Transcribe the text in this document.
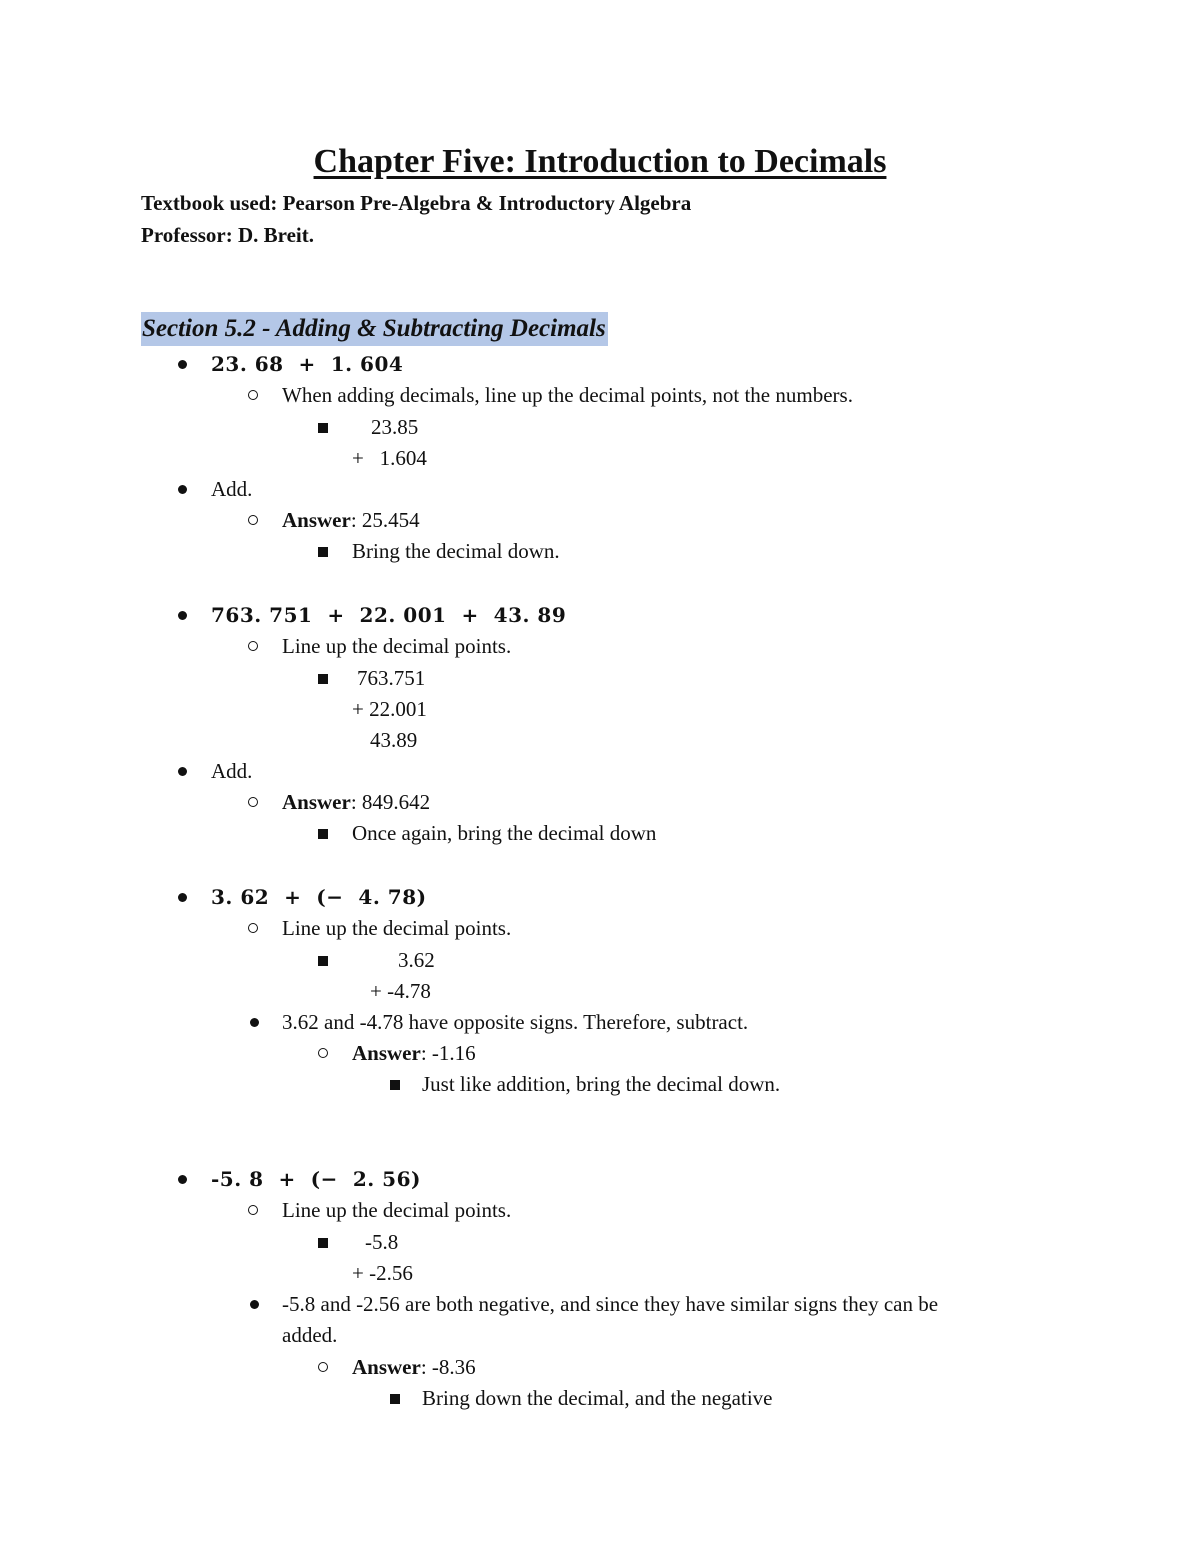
Chapter Five: Introduction to Decimals
Textbook used: Pearson Pre-Algebra & Introductory Algebra
Professor: D. Breit.
Section 5.2 - Adding & Subtracting Decimals
23. 68  +  1. 604
When adding decimals, line up the decimal points, not the numbers.
23.85
+   1.604
Add.
Answer: 25.454
Bring the decimal down.
763. 751  +  22. 001  +  43. 89
Line up the decimal points.
763.751
+ 22.001
43.89
Add.
Answer: 849.642
Once again, bring the decimal down
3. 62  +  (−  4. 78)
Line up the decimal points.
3.62
+ -4.78
3.62 and -4.78 have opposite signs. Therefore, subtract.
Answer: -1.16
Just like addition, bring the decimal down.
-5. 8  +  (−  2. 56)
Line up the decimal points.
-5.8
+ -2.56
-5.8 and -2.56 are both negative, and since they have similar signs they can be
added.
Answer: -8.36
Bring down the decimal, and the negative
